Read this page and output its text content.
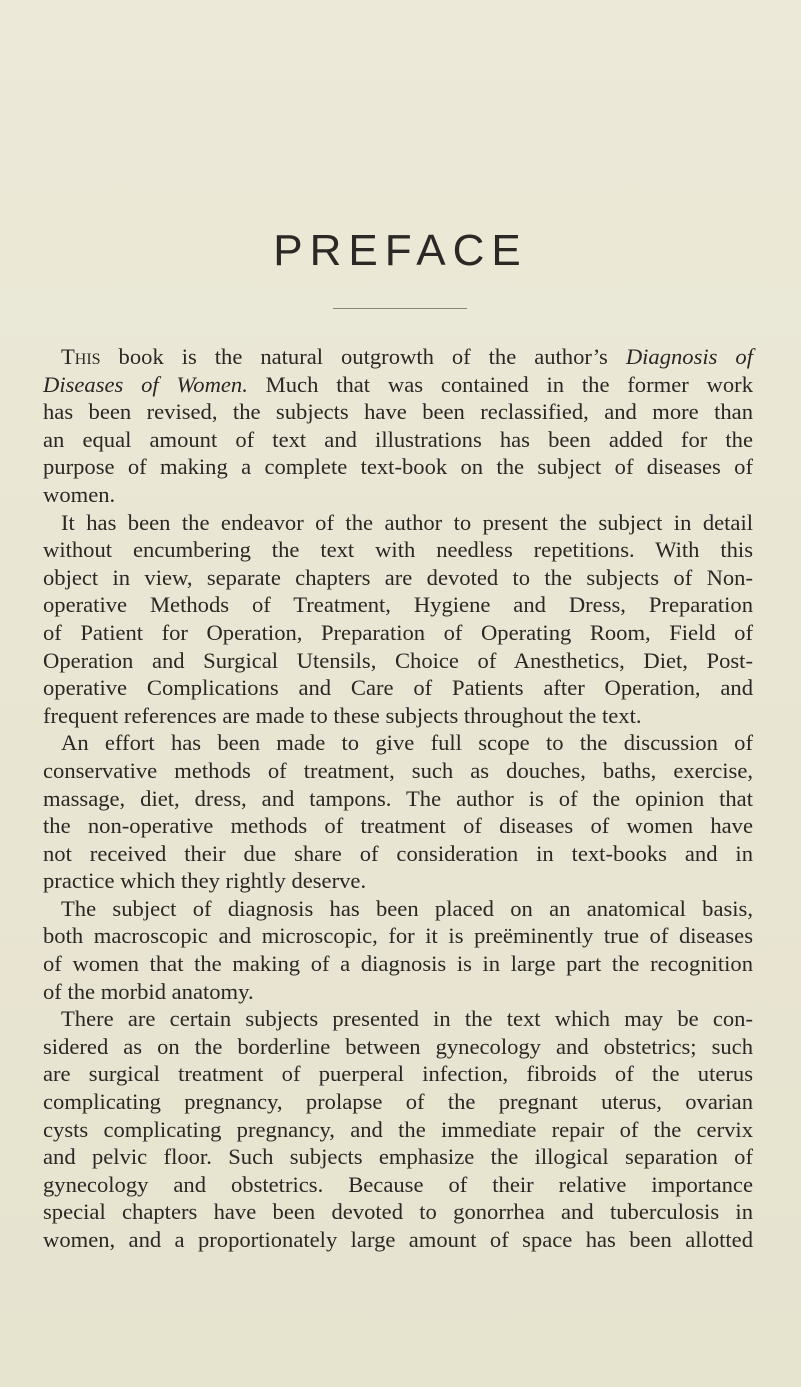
PREFACE

This book is the natural outgrowth of the author’s Diagnosis of
Diseases of Women. Much that was contained in the former work
has been revised, the subjects have been reclassified, and more than
an equal amount of text and illustrations has been added for the
purpose of making a complete text-book on the subject of diseases of
women.

It has been the endeavor of the author to present the subject in detail
without encumbering the text with needless repetitions. With this
object in view, separate chapters are devoted to the subjects of Non-
operative Methods of Treatment, Hygiene and Dress, Preparation
of Patient for Operation, Preparation of Operating Room, Field of
Operation and Surgical Utensils, Choice of Anesthetics, Diet, Post-
operative Complications and Care of Patients after Operation, and
frequent references are made to these subjects throughout the text.

An effort has been made to give full scope to the discussion of
conservative methods of treatment, such as douches, baths, exercise,
massage, diet, dress, and tampons. The author is of the opinion that
the non-operative methods of treatment of diseases of women have
not received their due share of consideration in text-books and in
practice which they rightly deserve.

The subject of diagnosis has been placed on an anatomical basis,
both macroscopic and microscopic, for it is preëminently true of diseases
of women that the making of a diagnosis is in large part the recognition
of the morbid anatomy.

There are certain subjects presented in the text which may be con-
sidered as on the borderline between gynecology and obstetrics; such
are surgical treatment of puerperal infection, fibroids of the uterus
complicating pregnancy, prolapse of the pregnant uterus, ovarian
cysts complicating pregnancy, and the immediate repair of the cervix
and pelvic floor. Such subjects emphasize the illogical separation of
gynecology and obstetrics. Because of their relative importance
special chapters have been devoted to gonorrhea and tuberculosis in
women, and a proportionately large amount of space has been allotted
